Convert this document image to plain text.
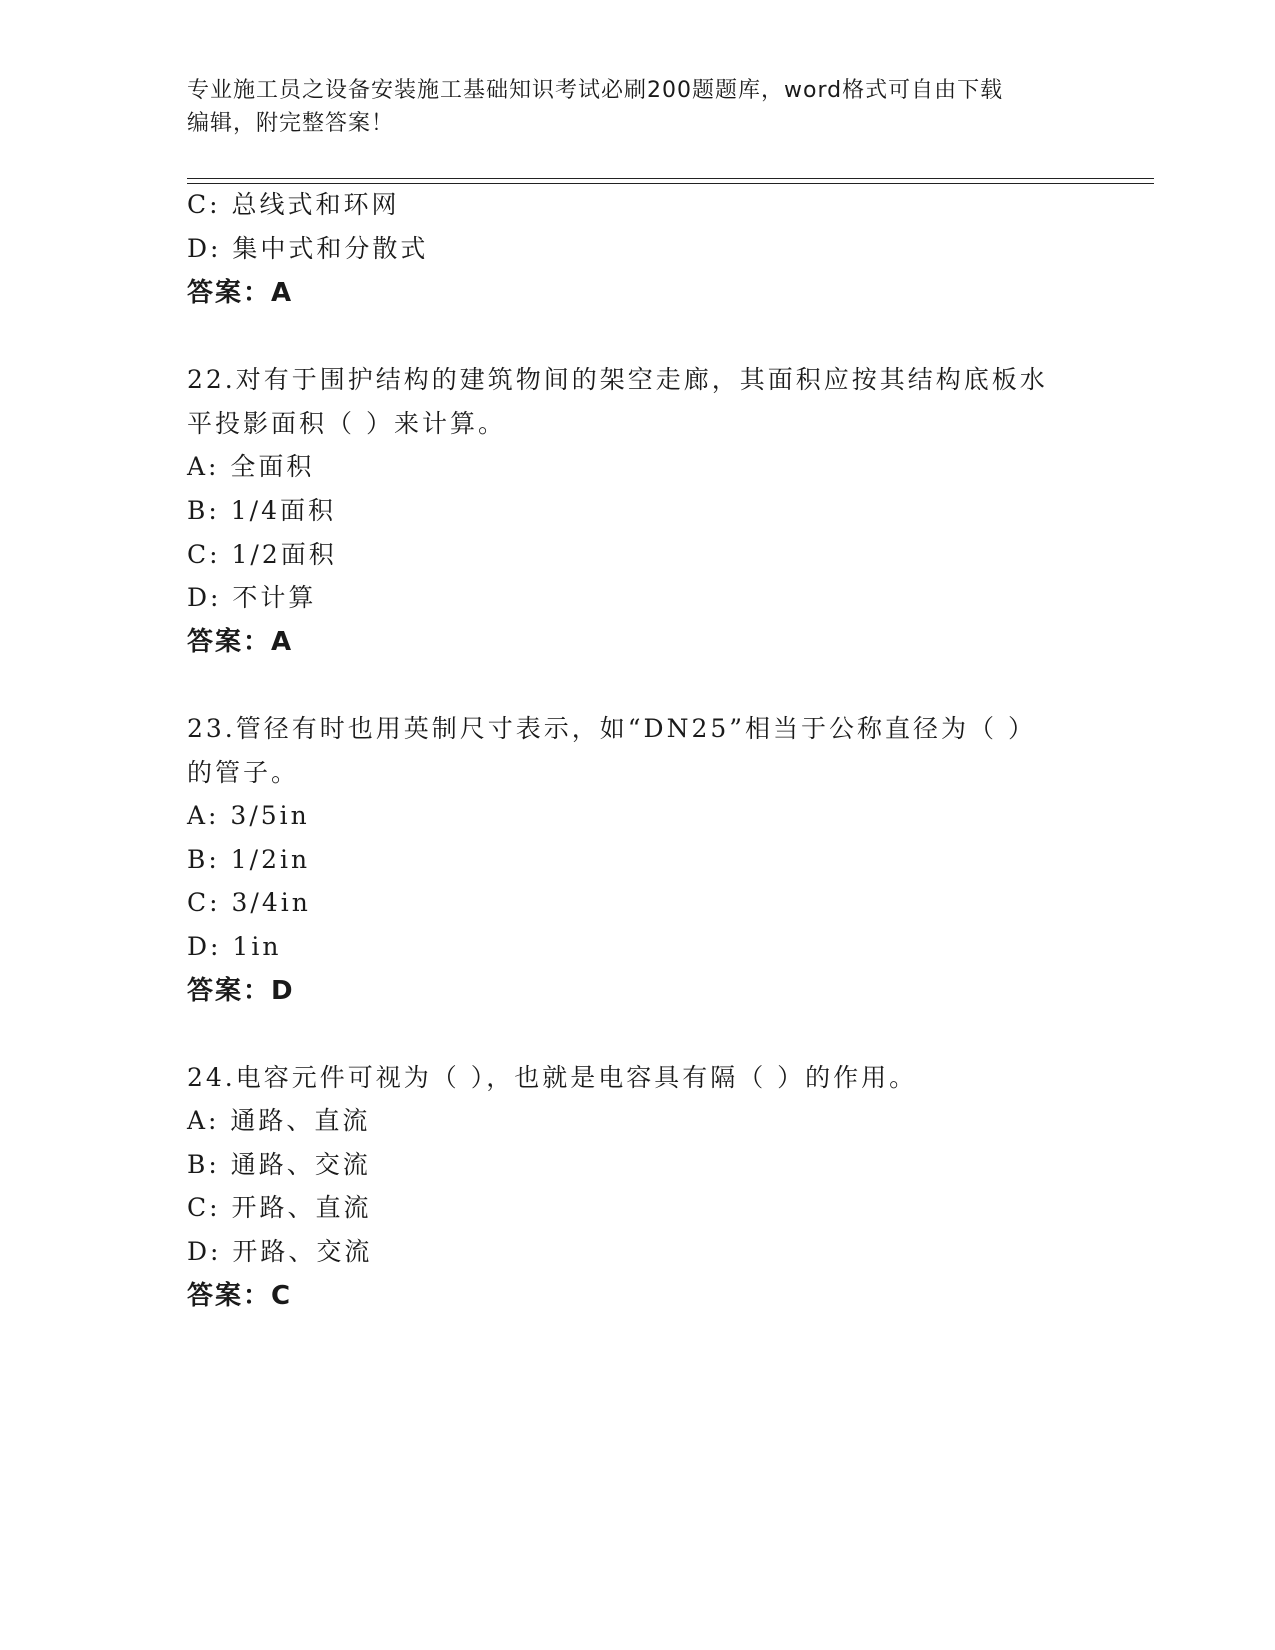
专业施工员之设备安装施工基础知识考试必刷200题题库，word格式可自由下载
编辑，附完整答案！
C: 总线式和环网
D: 集中式和分散式
答案：A
22.对有于围护结构的建筑物间的架空走廊，其面积应按其结构底板水
平投影面积（ ）来计算。
A: 全面积
B: 1/4面积
C: 1/2面积
D: 不计算
答案：A
23.管径有时也用英制尺寸表示，如“DN25”相当于公称直径为（ ）
的管子。
A: 3/5in
B: 1/2in
C: 3/4in
D: 1in
答案：D
24.电容元件可视为（ ），也就是电容具有隔（ ）的作用。
A: 通路、直流
B: 通路、交流
C: 开路、直流
D: 开路、交流
答案：C
